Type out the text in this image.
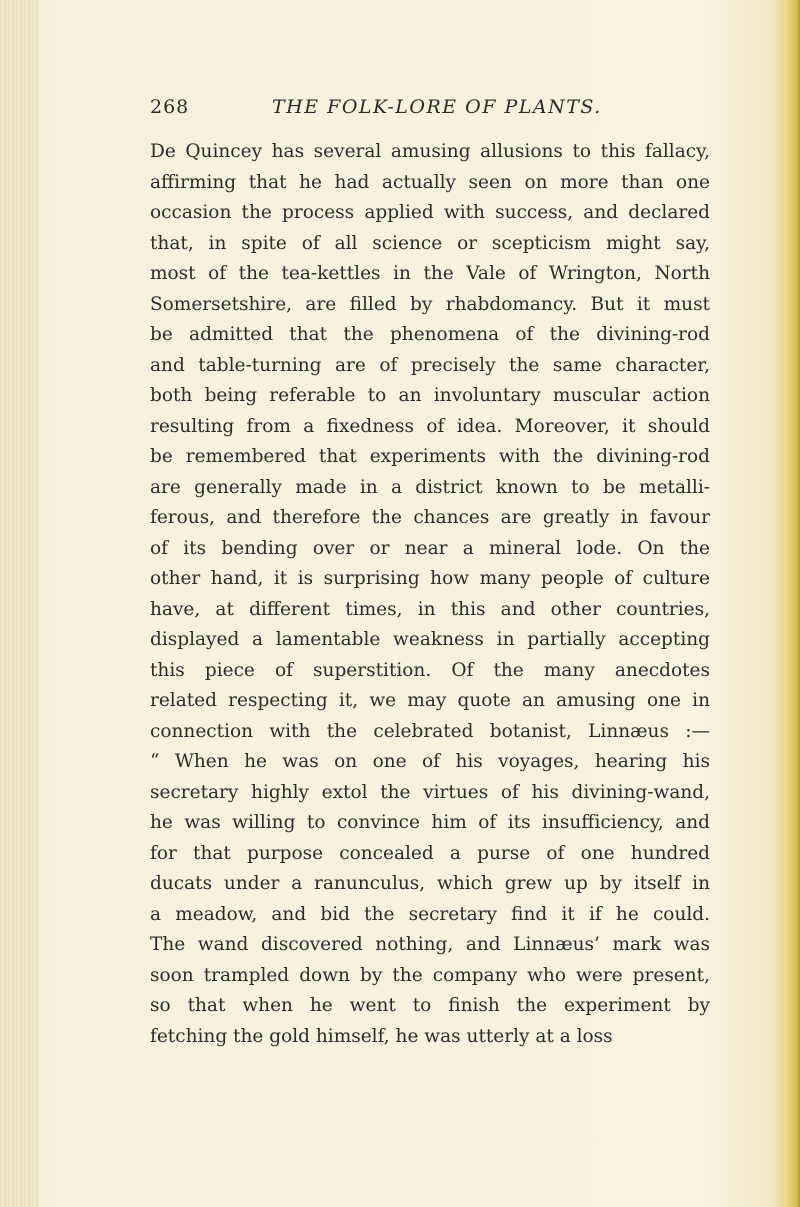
268	THE FOLK-LORE OF PLANTS.
De Quincey has several amusing allusions to this fallacy,
affirming that he had actually seen on more than one
occasion the process applied with success, and declared
that, in spite of all science or scepticism might say,
most of the tea-kettles in the Vale of Wrington, North
Somersetshire, are filled by rhabdomancy. But it must
be admitted that the phenomena of the divining-rod
and table-turning are of precisely the same character,
both being referable to an involuntary muscular action
resulting from a fixedness of idea. Moreover, it should
be remembered that experiments with the divining-rod
are generally made in a district known to be metalli-
ferous, and therefore the chances are greatly in favour
of its bending over or near a mineral lode. On the
other hand, it is surprising how many people of culture
have, at different times, in this and other countries,
displayed a lamentable weakness in partially accepting
this piece of superstition. Of the many anecdotes
related respecting it, we may quote an amusing one in
connection with the celebrated botanist, Linnæus :—
“ When he was on one of his voyages, hearing his
secretary highly extol the virtues of his divining-wand,
he was willing to convince him of its insufficiency, and
for that purpose concealed a purse of one hundred
ducats under a ranunculus, which grew up by itself in
a meadow, and bid the secretary find it if he could.
The wand discovered nothing, and Linnæus’ mark was
soon trampled down by the company who were present,
so that when he went to finish the experiment by
fetching the gold himself, he was utterly at a loss
